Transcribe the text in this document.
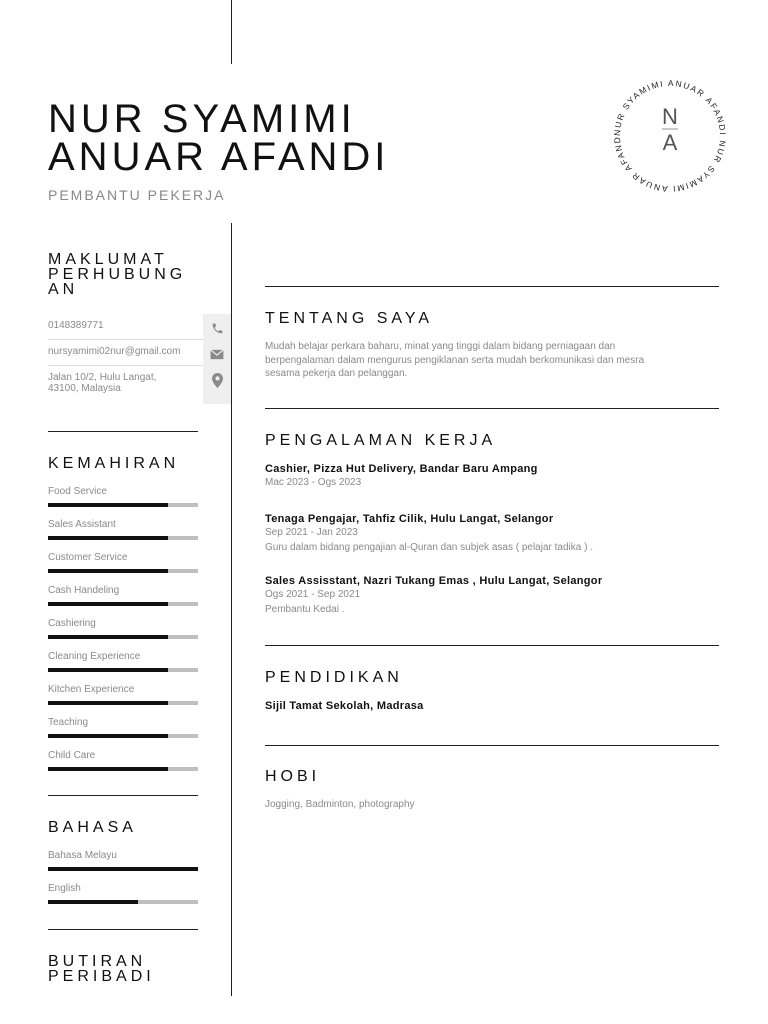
NUR SYAMIMI
ANUAR AFANDI
PEMBANTU PEKERJA
NUR SYAMIMI ANUAR AFANDI NUR SYAMIMI ANUAR AFAND
N
A
MAKLUMAT
PERHUBUNG
AN
0148389771
nursyamimi02nur@gmail.com
Jalan 10/2, Hulu Langat,
43100, Malaysia
KEMAHIRAN
Food Service
Sales Assistant
Customer Service
Cash Handeling
Cashiering
Cleaning Experience
Kitchen Experience
Teaching
Child Care
BAHASA
Bahasa Melayu
English
BUTIRAN
PERIBADI
TENTANG SAYA
Mudah belajar perkara baharu, minat yang tinggi dalam bidang perniagaan dan
berpengalaman dalam mengurus pengiklanan serta mudah berkomunikasi dan mesra
sesama pekerja dan pelanggan.
PENGALAMAN KERJA
Cashier, Pizza Hut Delivery, Bandar Baru Ampang
Mac 2023 - Ogs 2023
Tenaga Pengajar, Tahfiz Cilik, Hulu Langat, Selangor
Sep 2021 - Jan 2023
Guru dalam bidang pengajian al-Quran dan subjek asas ( pelajar tadika ) .
Sales Assisstant, Nazri Tukang Emas , Hulu Langat, Selangor
Ogs 2021 - Sep 2021
Pembantu Kedai .
PENDIDIKAN
Sijil Tamat Sekolah, Madrasa
HOBI
Jogging, Badminton, photography
